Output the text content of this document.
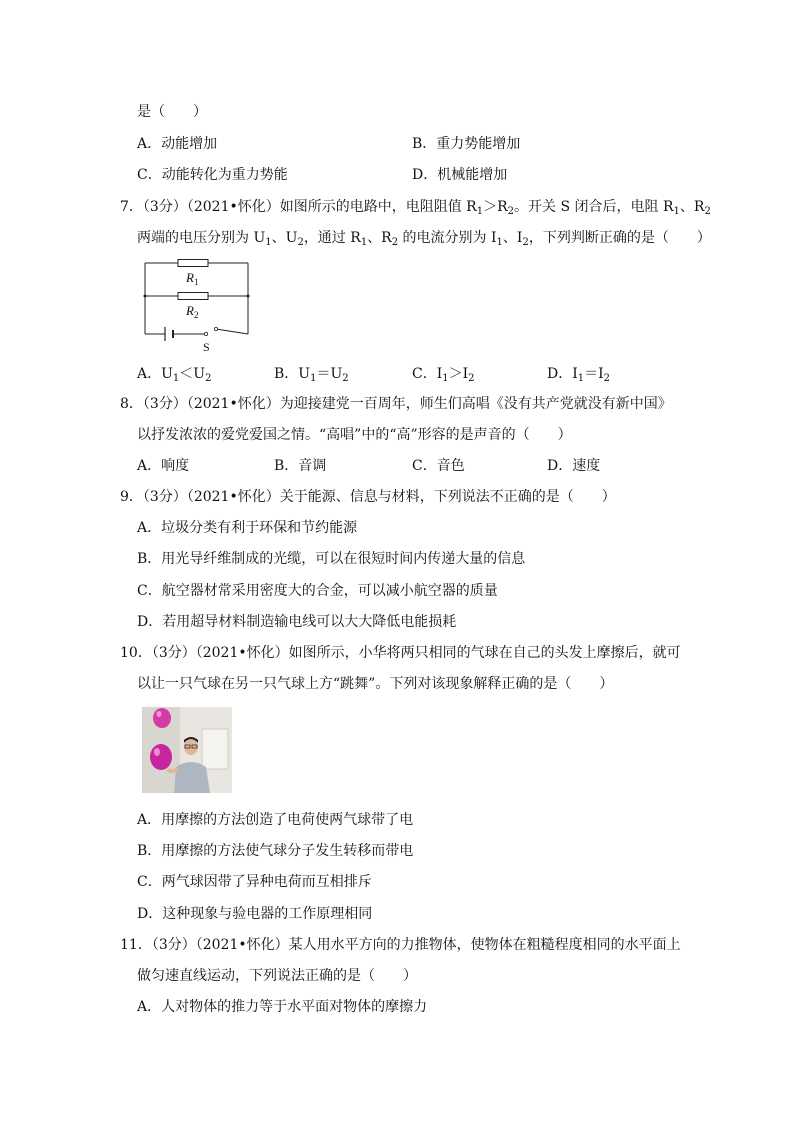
是（　　）
A．动能增加	B．重力势能增加
C．动能转化为重力势能	D．机械能增加
7．（3分）（2021•怀化）如图所示的电路中，电阻阻值 $R_1>R_2$。开关 S 闭合后，电阻 $R_1$、$R_2$
两端的电压分别为 $U_1$、$U_2$，通过 $R_1$、$R_2$ 的电流分别为 $I_1$、$I_2$，下列判断正确的是（　　）
$R_1$
$R_2$
S
A．$U_1<U_2$	B．$U_1=U_2$	C．$I_1>I_2$	D．$I_1=I_2$
8．（3分）（2021•怀化）为迎接建党一百周年，师生们高唱《没有共产党就没有新中国》
以抒发浓浓的爱党爱国之情。“高唱”中的“高”形容的是声音的（　　）
A．响度	B．音调	C．音色	D．速度
9．（3分）（2021•怀化）关于能源、信息与材料，下列说法不正确的是（　　）
A．垃圾分类有利于环保和节约能源
B．用光导纤维制成的光缆，可以在很短时间内传递大量的信息
C．航空器材常采用密度大的合金，可以减小航空器的质量
D．若用超导材料制造输电线可以大大降低电能损耗
10．（3分）（2021•怀化）如图所示，小华将两只相同的气球在自己的头发上摩擦后，就可
以让一只气球在另一只气球上方“跳舞”。下列对该现象解释正确的是（　　）
A．用摩擦的方法创造了电荷使两气球带了电
B．用摩擦的方法使气球分子发生转移而带电
C．两气球因带了异种电荷而互相排斥
D．这种现象与验电器的工作原理相同
11．（3分）（2021•怀化）某人用水平方向的力推物体，使物体在粗糙程度相同的水平面上
做匀速直线运动，下列说法正确的是（　　）
A．人对物体的推力等于水平面对物体的摩擦力
